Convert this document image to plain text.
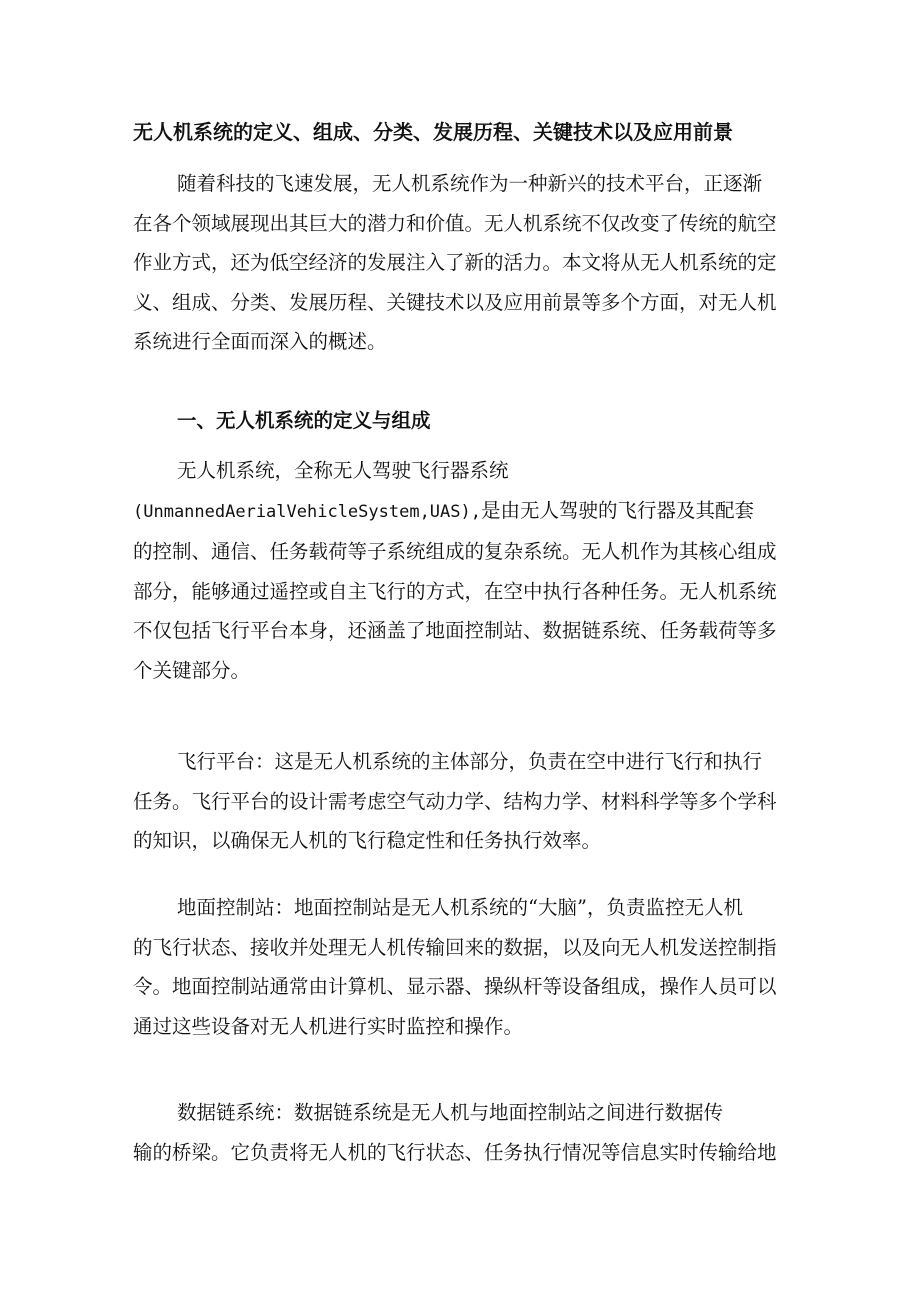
无人机系统的定义、组成、分类、发展历程、关键技术以及应用前景
随着科技的飞速发展，无人机系统作为一种新兴的技术平台，正逐渐
在各个领域展现出其巨大的潜力和价值。无人机系统不仅改变了传统的航空
作业方式，还为低空经济的发展注入了新的活力。本文将从无人机系统的定
义、组成、分类、发展历程、关键技术以及应用前景等多个方面，对无人机
系统进行全面而深入的概述。
一、无人机系统的定义与组成
无人机系统，全称无人驾驶飞行器系统
(UnmannedAerialVehicleSystem,UAS),是由无人驾驶的飞行器及其配套
的控制、通信、任务载荷等子系统组成的复杂系统。无人机作为其核心组成
部分，能够通过遥控或自主飞行的方式，在空中执行各种任务。无人机系统
不仅包括飞行平台本身，还涵盖了地面控制站、数据链系统、任务载荷等多
个关键部分。
飞行平台：这是无人机系统的主体部分，负责在空中进行飞行和执行
任务。飞行平台的设计需考虑空气动力学、结构力学、材料科学等多个学科
的知识，以确保无人机的飞行稳定性和任务执行效率。
地面控制站：地面控制站是无人机系统的“大脑”，负责监控无人机
的飞行状态、接收并处理无人机传输回来的数据，以及向无人机发送控制指
令。地面控制站通常由计算机、显示器、操纵杆等设备组成，操作人员可以
通过这些设备对无人机进行实时监控和操作。
数据链系统：数据链系统是无人机与地面控制站之间进行数据传
输的桥梁。它负责将无人机的飞行状态、任务执行情况等信息实时传输给地
